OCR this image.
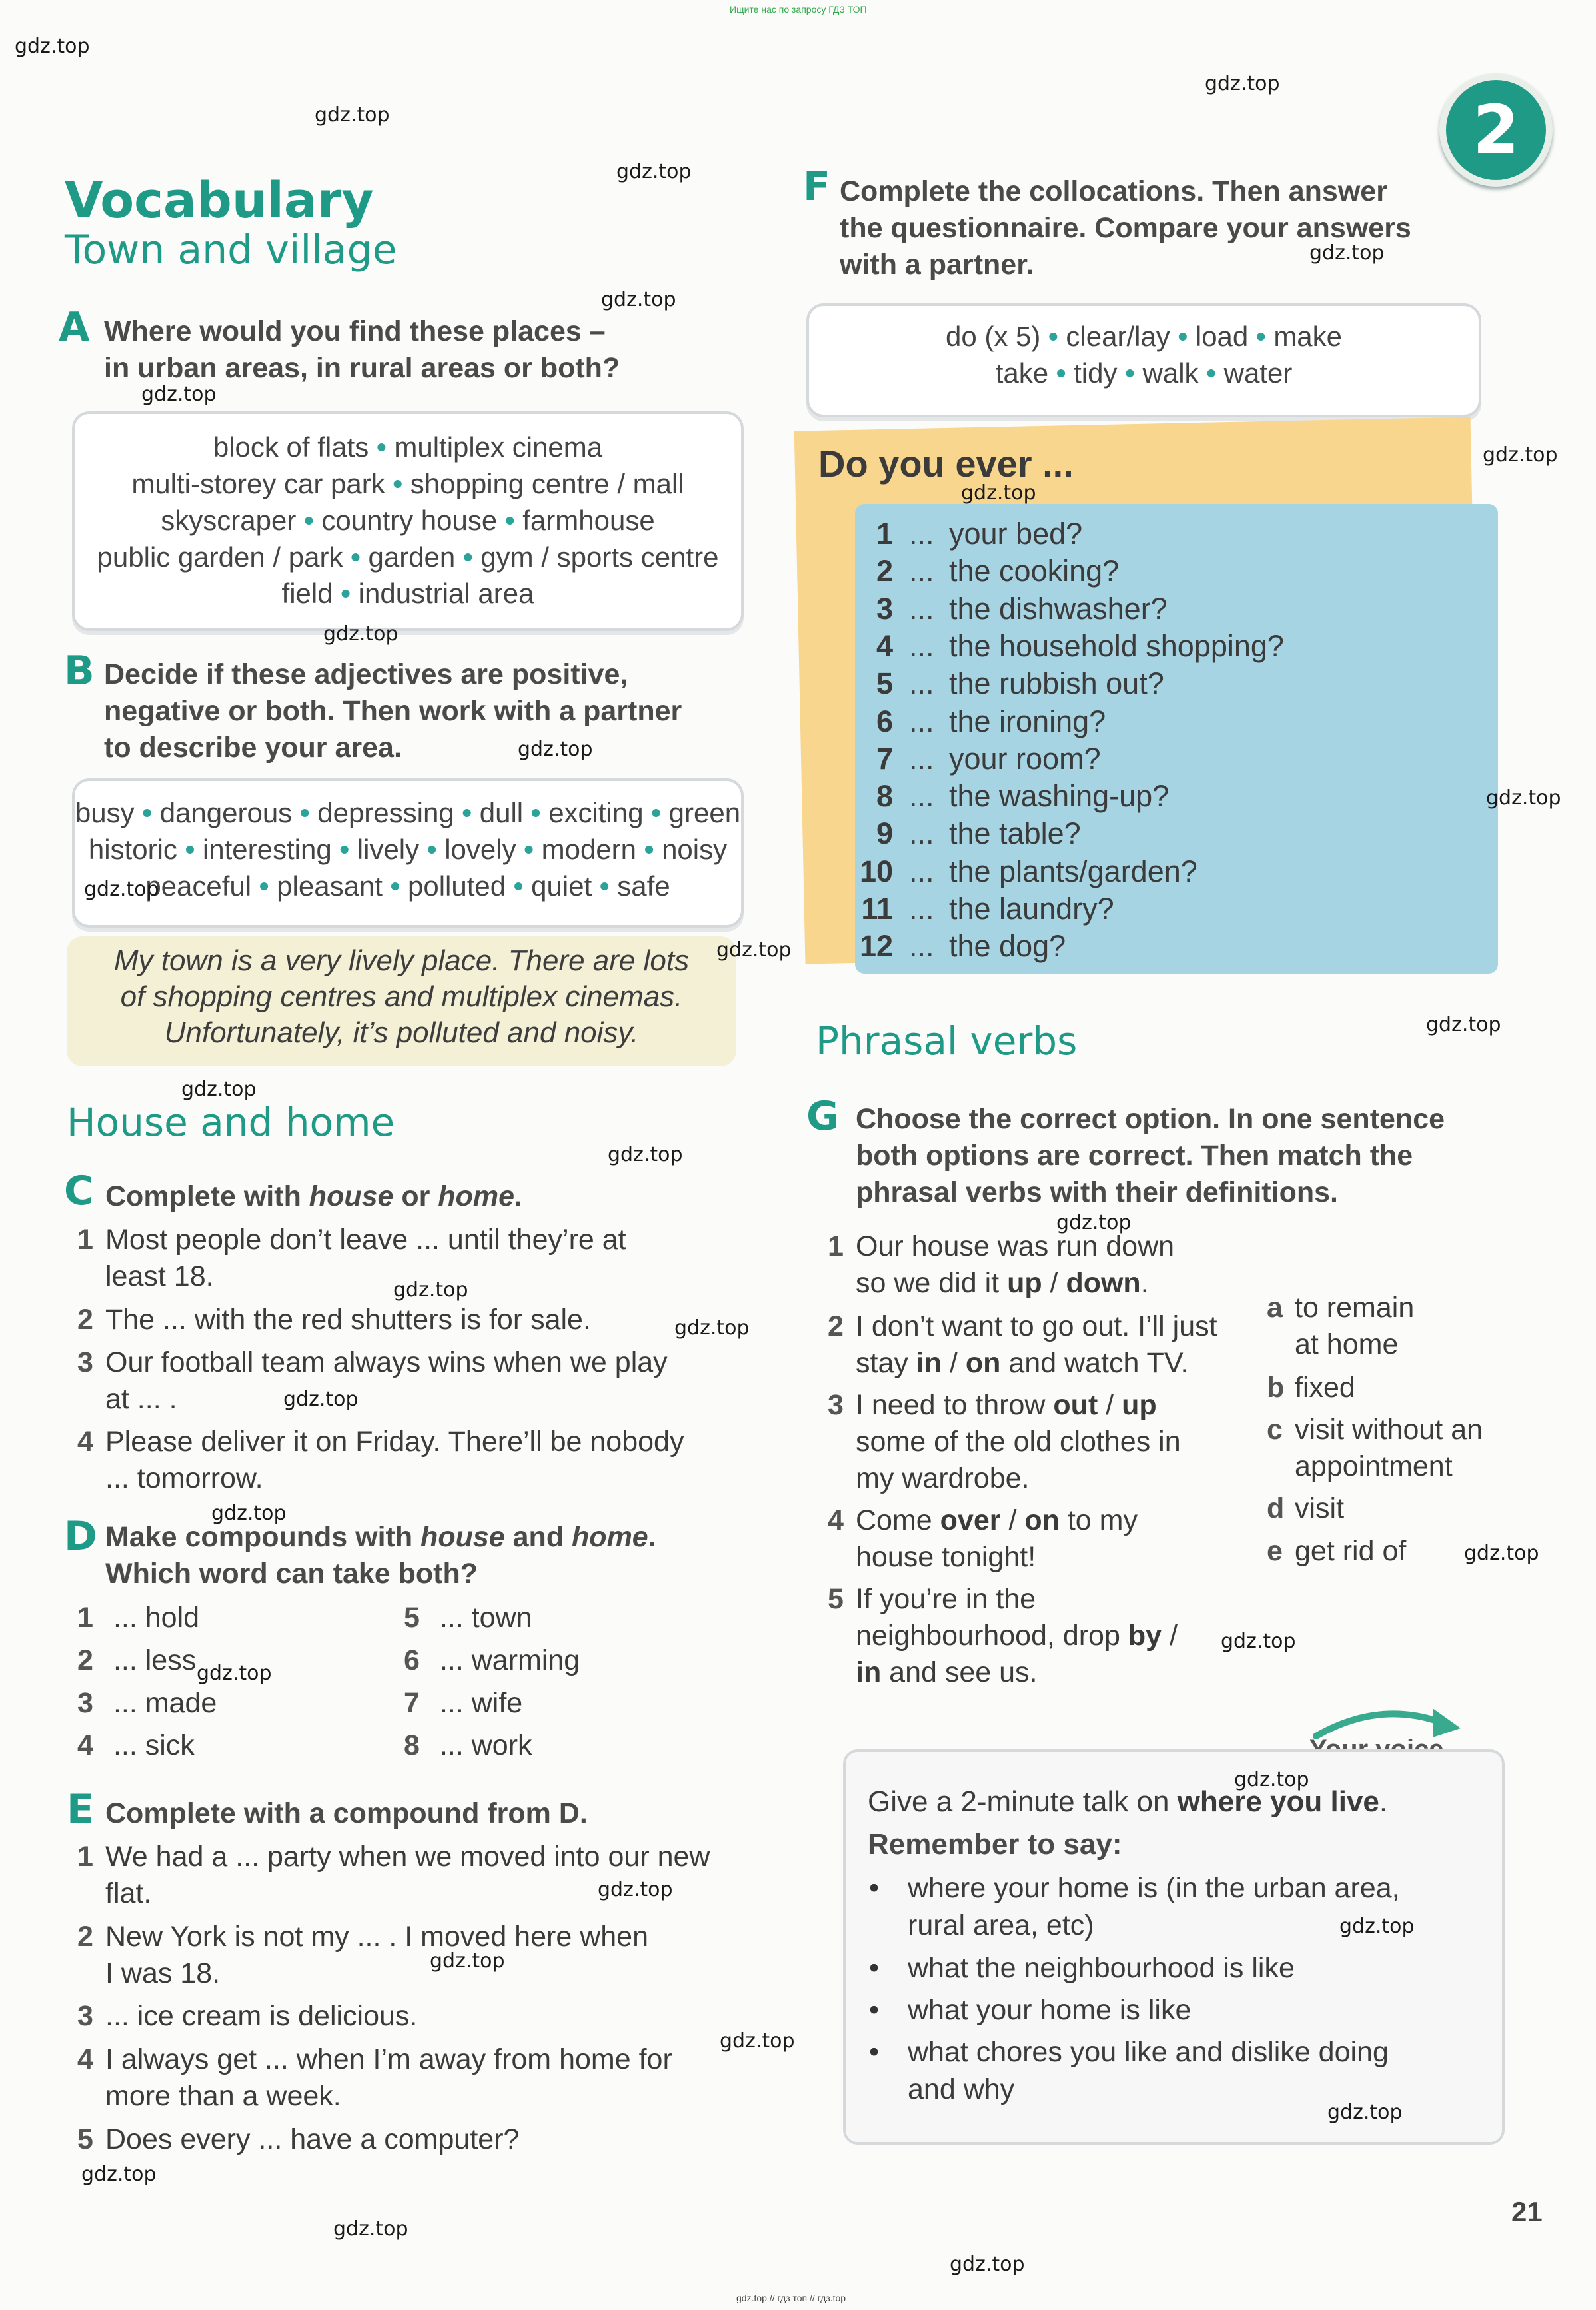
Ищите нас по запросу ГДЗ ТОП
gdz.top // гдз топ // гдз.top
2
Vocabulary
Town and village
A Where would you find these places –
in urban areas, in rural areas or both?
block of flats • multiplex cinema
multi-storey car park • shopping centre / mall
skyscraper • country house • farmhouse
public garden / park • garden • gym / sports centre
field • industrial area
B Decide if these adjectives are positive,
negative or both. Then work with a partner
to describe your area.
busy • dangerous • depressing • dull • exciting • green
historic • interesting • lively • lovely • modern • noisy
peaceful • pleasant • polluted • quiet • safe
My town is a very lively place. There are lots
of shopping centres and multiplex cinemas.
Unfortunately, it’s polluted and noisy.
House and home
C Complete with house or home.
1 Most people don’t leave ... until they’re at
least 18.
2 The ... with the red shutters is for sale.
3 Our football team always wins when we play
at ... .
4 Please deliver it on Friday. There’ll be nobody
... tomorrow.
D Make compounds with house and home.
Which word can take both?
1 ... hold
2 ... less
3 ... made
4 ... sick
5 ... town
6 ... warming
7 ... wife
8 ... work
E Complete with a compound from D.
1 We had a ... party when we moved into our new
flat.
2 New York is not my ... . I moved here when
I was 18.
3 ... ice cream is delicious.
4 I always get ... when I’m away from home for
more than a week.
5 Does every ... have a computer?
F Complete the collocations. Then answer
the questionnaire. Compare your answers
with a partner.
do (x 5) • clear/lay • load • make
take • tidy • walk • water
Do you ever ...
1 ... your bed?
2 ... the cooking?
3 ... the dishwasher?
4 ... the household shopping?
5 ... the rubbish out?
6 ... the ironing?
7 ... your room?
8 ... the washing-up?
9 ... the table?
10 ... the plants/garden?
11 ... the laundry?
12 ... the dog?
Phrasal verbs
G Choose the correct option. In one sentence
both options are correct. Then match the
phrasal verbs with their definitions.
1 Our house was run down
so we did it up / down.
2 I don’t want to go out. I’ll just
stay in / on and watch TV.
3 I need to throw out / up
some of the old clothes in
my wardrobe.
4 Come over / on to my
house tonight!
5 If you’re in the
neighbourhood, drop by /
in and see us.
a to remain
at home
b fixed
c visit without an
appointment
d visit
e get rid of
Give a 2-minute talk on where you live.
Remember to say:
• where your home is (in the urban area,
rural area, etc)
• what the neighbourhood is like
• what your home is like
• what chores you like and dislike doing
and why
21
gdz.top
gdz.top
gdz.top
gdz.top
gdz.top
gdz.top
gdz.top
gdz.top
gdz.top
gdz.top
gdz.top
gdz.top
gdz.top
gdz.top
gdz.top
gdz.top
gdz.top
gdz.top
gdz.top
gdz.top
gdz.top
gdz.top
gdz.top
gdz.top
gdz.top
gdz.top
gdz.top
gdz.top
gdz.top
gdz.top
gdz.top
gdz.top
gdz.top
gdz.top
